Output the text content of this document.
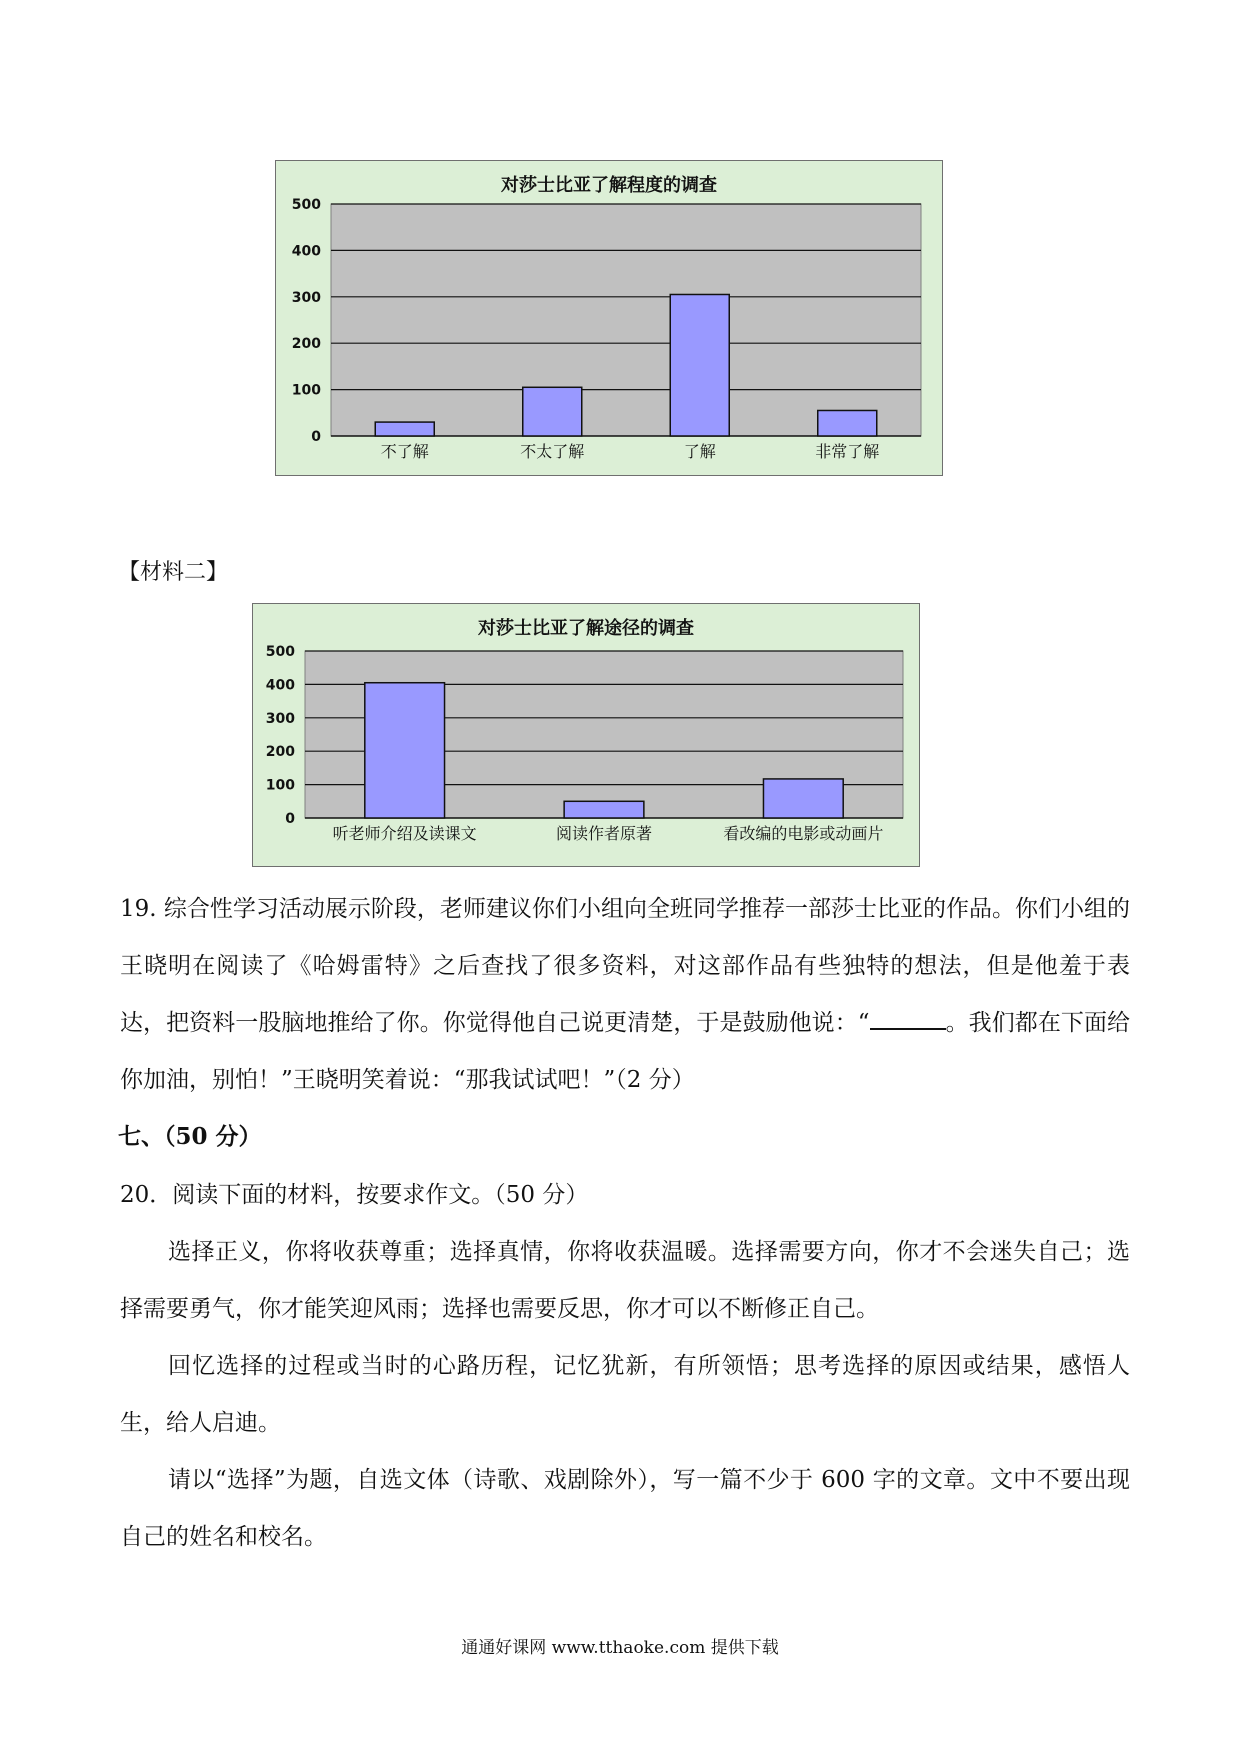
对莎士比亚了解程度的调查
0
100
200
300
400
500
不了解	不太了解	了解	非常了解
【材料二】
对莎士比亚了解途径的调查
0
100
200
300
400
500
听老师介绍及读课文	阅读作者原著	看改编的电影或动画片

19. 综合性学习活动展示阶段，老师建议你们小组向全班同学推荐一部莎士比亚的作品。你们小组的王晓明在阅读了《哈姆雷特》之后查找了很多资料，对这部作品有些独特的想法，但是他羞于表达，把资料一股脑地推给了你。你觉得他自己说更清楚，于是鼓励他说：“	。我们都在下面给你加油，别怕！”王晓明笑着说：“那我试试吧！”（2 分）

七、（50 分）

20．阅读下面的材料，按要求作文。（50 分）

选择正义，你将收获尊重；选择真情，你将收获温暖。选择需要方向，你才不会迷失自己；选择需要勇气，你才能笑迎风雨；选择也需要反思，你才可以不断修正自己。

回忆选择的过程或当时的心路历程，记忆犹新，有所领悟；思考选择的原因或结果，感悟人生，给人启迪。

请以“选择”为题，自选文体（诗歌、戏剧除外），写一篇不少于 600 字的文章。文中不要出现自己的姓名和校名。

通通好课网 www.tthaoke.com 提供下载
